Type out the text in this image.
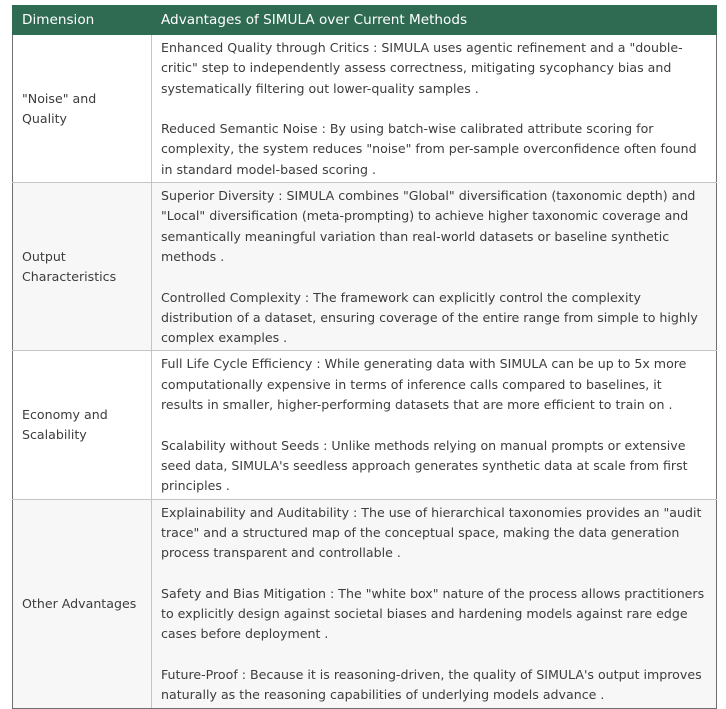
Dimension	Advantages of SIMULA over Current Methods
"Noise" and Quality	Enhanced Quality through Critics : SIMULA uses agentic refinement and a "double-critic" step to independently assess correctness, mitigating sycophancy bias and systematically filtering out lower-quality samples .

Reduced Semantic Noise : By using batch-wise calibrated attribute scoring for complexity, the system reduces "noise" from per-sample overconfidence often found in standard model-based scoring .

Output Characteristics	Superior Diversity : SIMULA combines "Global" diversification (taxonomic depth) and "Local" diversification (meta-prompting) to achieve higher taxonomic coverage and semantically meaningful variation than real-world datasets or baseline synthetic methods .

Controlled Complexity : The framework can explicitly control the complexity distribution of a dataset, ensuring coverage of the entire range from simple to highly complex examples .

Economy and Scalability	Full Life Cycle Efficiency : While generating data with SIMULA can be up to 5x more computationally expensive in terms of inference calls compared to baselines, it results in smaller, higher-performing datasets that are more efficient to train on .

Scalability without Seeds : Unlike methods relying on manual prompts or extensive seed data, SIMULA's seedless approach generates synthetic data at scale from first principles .

Other Advantages	Explainability and Auditability : The use of hierarchical taxonomies provides an "audit trace" and a structured map of the conceptual space, making the data generation process transparent and controllable .

Safety and Bias Mitigation : The "white box" nature of the process allows practitioners to explicitly design against societal biases and hardening models against rare edge cases before deployment .

Future-Proof : Because it is reasoning-driven, the quality of SIMULA's output improves naturally as the reasoning capabilities of underlying models advance .
